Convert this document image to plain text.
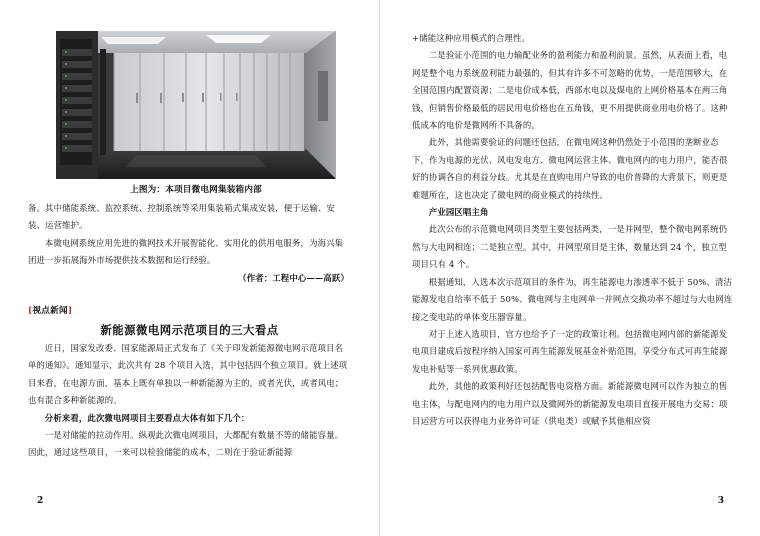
上图为：本项目微电网集装箱内部

备。其中储能系统、监控系统、控制系统等采用集装箱式集成安装，便于运输、安装、运营维护。

本微电网系统应用先进的微网技术开展智能化、实用化的供用电服务，为海兴集团进一步拓展海外市场提供技术数据和运行经验。

（作者：工程中心——高跃）

[视点新闻]
新能源微电网示范项目的三大看点

近日，国家发改委、国家能源局正式发布了《关于印发新能源微电网示范项目名单的通知》。通知显示，此次共有 28 个项目入选，其中包括四个独立项目。就上述项目来看，在电源方面，基本上既有单独以一种新能源为主的，或者光伏，或者风电；也有混合多种新能源的。

分析来看，此次微电网项目主要看点大体有如下几个：

一是对储能的拉动作用。纵观此次微电网项目，大都配有数量不等的储能容量。因此，通过这些项目，一来可以检验储能的成本，二则在于验证新能源

2

+储能这种应用模式的合理性。

二是验证小范围的电力输配业务的盈利能力和盈利前景。虽然，从表面上看，电网是整个电力系统盈利能力最强的，但其有许多不可忽略的优势，一是范围够大，在全国范围内配置资源；二是电价成本低，西部水电以及煤电的上网价格基本在两三角钱，但销售价格最低的居民用电价格也在五角钱，更不用提供商业用电价格了。这种低成本的电价是微网所不具备的。

此外，其他需要验证的问题还包括，在微电网这种仍然处于小范围的垄断业态下，作为电源的光伏、风电发电方、微电网运营主体、微电网内的电力用户，能否很好的协调各自的利益分歧。尤其是在直购电用户导致的电价普降的大背景下，则更是难题所在，这也决定了微电网的商业模式的持续性。

产业园区唱主角

此次公布的示范微电网项目类型主要包括两类，一是并网型，整个微电网系统仍然与大电网相连；二是独立型。其中，并网型项目是主体，数量达到 24 个，独立型项目只有 4 个。

根据通知，入选本次示范项目的条件为，再生能源电力渗透率不低于 50%、清洁能源发电自给率不低于 50%、微电网与主电网单一并网点交换功率不超过与大电网连接之变电站的单体变压器容量。

对于上述入选项目，官方也给予了一定的政策让利。包括微电网内部的新能源发电项目建成后按程序纳入国家可再生能源发展基金补贴范围，享受分布式可再生能源发电补贴等一系列优惠政策。

此外，其他的政策利好还包括配售电资格方面。新能源微电网可以作为独立的售电主体，与配电网内的电力用户以及微网外的新能源发电项目直接开展电力交易；项目运营方可以获得电力业务许可证（供电类）或赋予其他相应资

3
